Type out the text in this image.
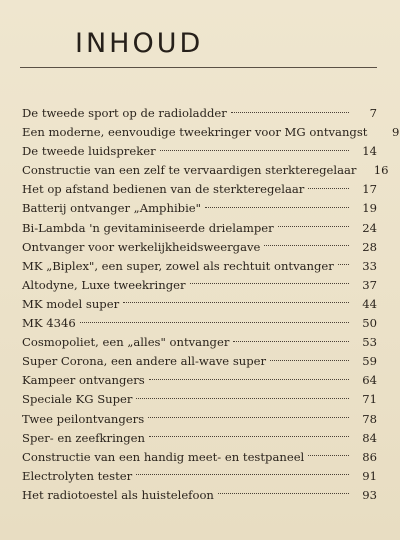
INHOUD
De tweede sport op de radioladder	7
Een moderne, eenvoudige tweekringer voor MG ontvangst	9
De tweede luidspreker	14
Constructie van een zelf te vervaardigen sterkteregelaar	16
Het op afstand bedienen van de sterkteregelaar	17
Batterij ontvanger „Amphibie"	19
Bi-Lambda 'n gevitaminiseerde drielamper	24
Ontvanger voor werkelijkheidsweergave	28
MK „Biplex", een super, zowel als rechtuit ontvanger	33
Altodyne, Luxe tweekringer	37
MK model super	44
MK 4346	50
Cosmopoliet, een „alles" ontvanger	53
Super Corona, een andere all-wave super	59
Kampeer ontvangers	64
Speciale KG Super	71
Twee peilontvangers	78
Sper- en zeefkringen	84
Constructie van een handig meet- en testpaneel	86
Electrolyten tester	91
Het radiotoestel als huistelefoon	93
